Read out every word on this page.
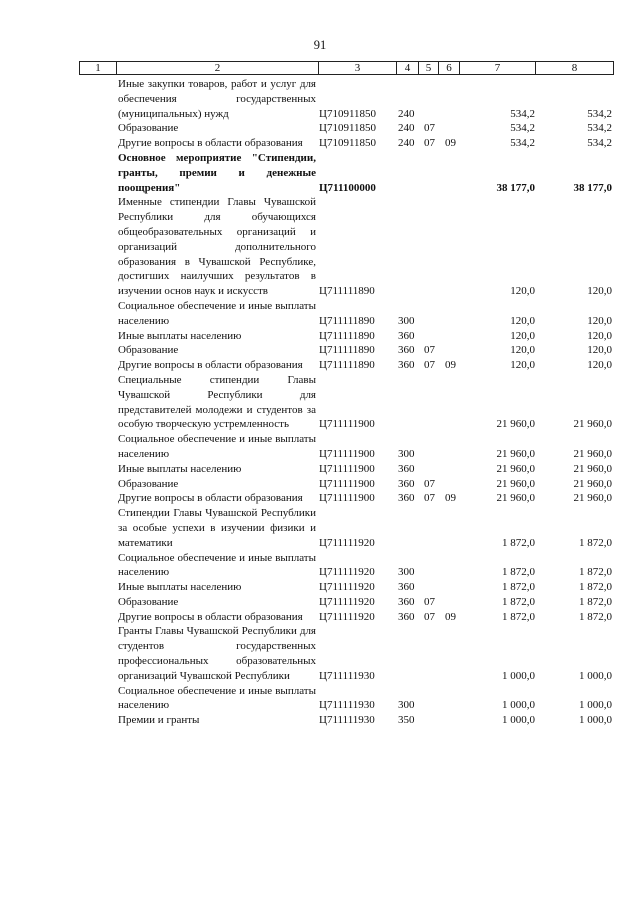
91
1	2	3	4	5	6	7	8
Иные закупки товаров, работ и услуг для обеспечения государственных (муниципальных) нужд	Ц710911850 240	534,2	534,2
Образование	Ц710911850 240 07	534,2	534,2
Другие вопросы в области образования	Ц710911850 240 07 09	534,2	534,2
Основное мероприятие "Стипендии, гранты, премии и денежные поощрения"	Ц711100000	38 177,0	38 177,0
Именные стипендии Главы Чувашской Республики для обучающихся общеобразовательных организаций и организаций дополнительного образования в Чувашской Республике, достигших наилучших результатов в изучении основ наук и искусств	Ц711111890	120,0	120,0
Социальное обеспечение и иные выплаты населению	Ц711111890 300	120,0	120,0
Иные выплаты населению	Ц711111890 360	120,0	120,0
Образование	Ц711111890 360 07	120,0	120,0
Другие вопросы в области образования	Ц711111890 360 07 09	120,0	120,0
Специальные стипендии Главы Чувашской Республики для представителей молодежи и студентов за особую творческую устремленность	Ц711111900	21 960,0	21 960,0
Социальное обеспечение и иные выплаты населению	Ц711111900 300	21 960,0	21 960,0
Иные выплаты населению	Ц711111900 360	21 960,0	21 960,0
Образование	Ц711111900 360 07	21 960,0	21 960,0
Другие вопросы в области образования	Ц711111900 360 07 09	21 960,0	21 960,0
Стипендии Главы Чувашской Республики за особые успехи в изучении физики и математики	Ц711111920	1 872,0	1 872,0
Социальное обеспечение и иные выплаты населению	Ц711111920 300	1 872,0	1 872,0
Иные выплаты населению	Ц711111920 360	1 872,0	1 872,0
Образование	Ц711111920 360 07	1 872,0	1 872,0
Другие вопросы в области образования	Ц711111920 360 07 09	1 872,0	1 872,0
Гранты Главы Чувашской Республики для студентов государственных профессиональных образовательных организаций Чувашской Республики	Ц711111930	1 000,0	1 000,0
Социальное обеспечение и иные выплаты населению	Ц711111930 300	1 000,0	1 000,0
Премии и гранты	Ц711111930 350	1 000,0	1 000,0
